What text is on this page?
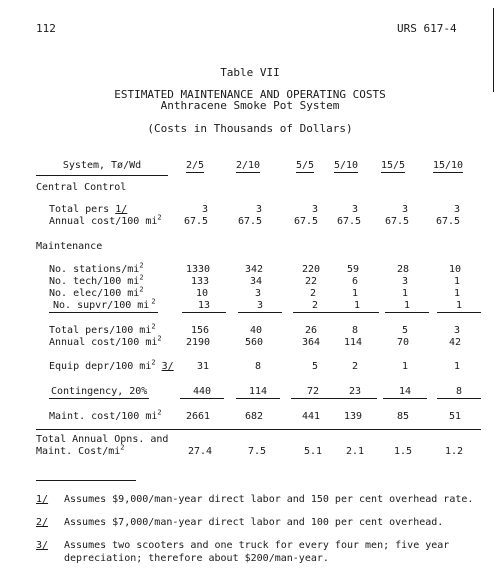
112	URS 617-4
Table VII
ESTIMATED MAINTENANCE AND OPERATING COSTS
Anthracene Smoke Pot System
(Costs in Thousands of Dollars)
System, Tø/Wd	2/5	2/10	5/5	5/10	15/5	15/10
Central Control
Total pers 1/	3	3	3	3	3	3
Annual cost/100 $mi^2$	67.5	67.5	67.5	67.5	67.5	67.5
Maintenance
No. stations/$mi^2$	1330	342	220	59	28	10
No. tech/100 $mi^2$	133	34	22	6	3	1
No. elec/100 $mi^2$	10	3	2	1	1	1
No. supvr/100 mi $^2$	13	3	2	1	1	1
Total pers/100 $mi^2$	156	40	26	8	5	3
Annual cost/100 $mi^2$	2190	560	364	114	70	42
Equip depr/100 $mi^2$ 3/	31	8	5	2	1	1
Contingency, 20%	440	114	72	23	14	8
Maint. cost/100 $mi^2$	2661	682	441	139	85	51
Total Annual Opns. and
Maint. Cost/$mi^2$	27.4	7.5	5.1	2.1	1.5	1.2
1/ Assumes $9,000/man-year direct labor and 150 per cent overhead rate.
2/ Assumes $7,000/man-year direct labor and 100 per cent overhead.
3/ Assumes two scooters and one truck for every four men; five year depreciation; therefore about $200/man-year.
